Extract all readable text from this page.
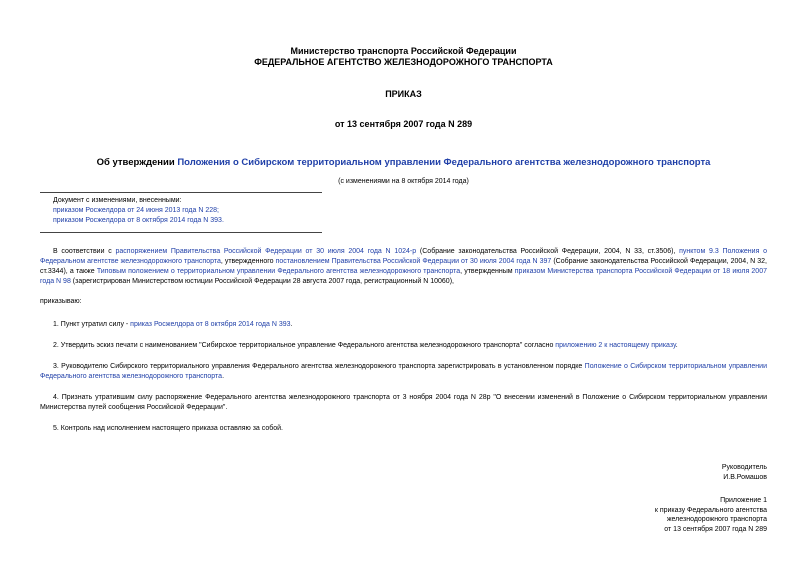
Министерство транспорта Российской Федерации
ФЕДЕРАЛЬНОЕ АГЕНТСТВО ЖЕЛЕЗНОДОРОЖНОГО ТРАНСПОРТА
ПРИКАЗ
от 13 сентября 2007 года N 289
Об утверждении Положения о Сибирском территориальном управлении Федерального агентства железнодорожного транспорта
(с изменениями на 8 октября 2014 года)
Документ с изменениями, внесенными:
приказом Росжелдора от 24 июня 2013 года N 228;
приказом Росжелдора от 8 октября 2014 года N 393.
В соответствии с распоряжением Правительства Российской Федерации от 30 июля 2004 года N 1024-р (Собрание законодательства Российской Федерации, 2004, N 33, ст.3506), пунктом 9.3 Положения о Федеральном агентстве железнодорожного транспорта, утвержденного постановлением Правительства Российской Федерации от 30 июля 2004 года N 397 (Собрание законодательства Российской Федерации, 2004, N 32, ст.3344), а также Типовым положением о территориальном управлении Федерального агентства железнодорожного транспорта, утвержденным приказом Министерства транспорта Российской Федерации от 18 июля 2007 года N 98 (зарегистрирован Министерством юстиции Российской Федерации 28 августа 2007 года, регистрационный N 10060),
приказываю:
1. Пункт утратил силу - приказ Росжелдора от 8 октября 2014 года N 393.
2. Утвердить эскиз печати с наименованием "Сибирское территориальное управление Федерального агентства железнодорожного транспорта" согласно приложению 2 к настоящему приказу.
3. Руководителю Сибирского территориального управления Федерального агентства железнодорожного транспорта зарегистрировать в установленном порядке Положение о Сибирском территориальном управлении Федерального агентства железнодорожного транспорта.
4. Признать утратившим силу распоряжение Федерального агентства железнодорожного транспорта от 3 ноября 2004 года N 28р "О внесении изменений в Положение о Сибирском территориальном управлении Министерства путей сообщения Российской Федерации".
5. Контроль над исполнением настоящего приказа оставляю за собой.
Руководитель
И.В.Ромашов
Приложение 1
к приказу Федерального агентства
железнодорожного транспорта
от 13 сентября 2007 года N 289
